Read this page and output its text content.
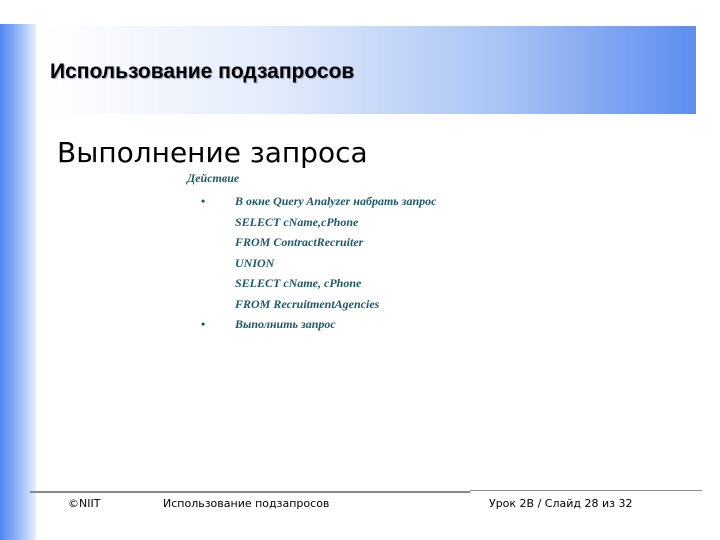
Использование подзапросов
Выполнение запроса
Действие
• В окне Query Analyzer набрать запрос
SELECT cName,cPhone
FROM ContractRecruiter
UNION
SELECT cName, cPhone
FROM RecruitmentAgencies
• Выполнить запрос
©NIIT	Использование подзапросов	Урок 2B / Слайд 28 из 32
